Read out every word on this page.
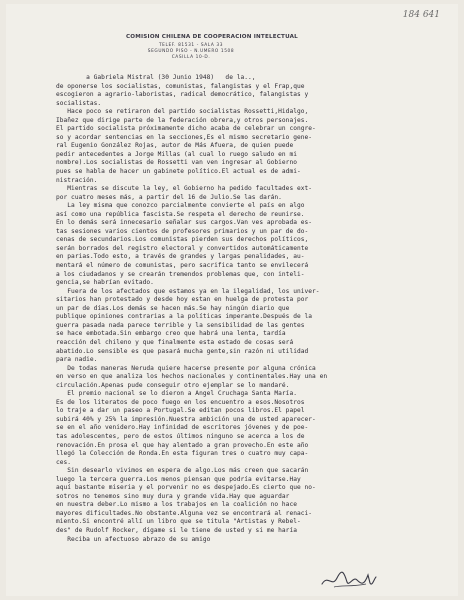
184 641
COMISION CHILENA DE COOPERACION INTELECTUAL
TELEF. 81531 - SALA 33
SEGUNDO PISO - N.UMERO 1508
CASILLA 10-D.
a Gabriela Mistral (30 Junio 1948)   de la..,
de oponerse los socialistas, comunistas, falangistas y el Frap,que
escogieron a agrario-laboristas, radical democrático, falangistas y
socialistas.
Hace poco se retiraron del partido socialistas Rossetti,Hidalgo,
Ibañez que dirige parte de la federación obrera,y otros personajes.
El partido socialista próximamente dicho acaba de celebrar un congre-
so y acordar sentencias en la secciones,Es el mismo secretario gene-
ral Eugenio González Rojas, autor de Más Afuera, de quien puede
pedir antecedentes a Jorge Millas (al cual lo ruego saludo en mi
nombre).Los socialistas de Rossetti van ven ingresar al Gobierno
pues se habla de hacer un gabinete político.El actual es de admi-
nistración.
Mientras se discute la ley, el Gobierno ha pedido facultades ext-
por cuatro meses más, a partir del 16 de Julio.Se las darán.
La ley misma que conozco parcialmente convierte el país en algo
así como una república fascista.Se respeta el derecho de reunirse.
En lo demás será innecesario señalar sus cargos.Van ves aprobada es-
tas sesiones varios cientos de profesores primarios y un par de do-
cenas de secundarios.Los comunistas pierden sus derechos políticos,
serán borrados del registro electoral y convertidos automáticamente
en parias.Todo esto, a través de grandes y largas penalidades, au-
mentará el número de comunistas, pero sacrifica tanto se envilecerá
a los ciudadanos y se crearán tremendos problemas que, con inteli-
gencia,se habrían evitado.
Fuera de los afectados que estamos ya en la ilegalidad, los univer-
sitarios han protestado y desde hoy estan en huelga de protesta por
un par de días.Los demás se hacen más.Se hay ningún diario que
publique opiniones contrarias a la políticas imperante.Después de la
guerra pasada nada parece terrible y la sensibilidad de las gentes
se hace embotada.Sin embargo creo que habrá una lenta, tardía
reacción del chileno y que finalmente esta estado de cosas será
abatido.Lo sensible es que pasará mucha gente,sin razón ni utilidad
para nadie.
De todas maneras Neruda quiere hacerse presente por alguna crónica
en verso en que analiza los hechos nacionales y continentales.Hay una en
circulación.Apenas pude conseguir otro ejemplar se lo mandaré.
El premio nacional se lo dieron a Angel Cruchaga Santa María.
Es de los literatos de poco fuego en los encuentro a esos.Nosotros
lo traje a dar un paseo a Portugal.Se editan pocos libros.El papel
subirá 40% y 25% la impresión.Nuestra ambición una de usted aparecer-
se en el año venidero.Hay infinidad de escritores jóvenes y de poe-
tas adolescentes, pero de estos últimos ninguno se acerca a los de
renovación.En prosa el que hay alentado a gran provecho.En este año
llegó la Colección de Ronda.En esta figuran tres o cuatro muy capa-
ces.
Sin desearlo vivimos en espera de algo.Los más creen que sacarán
luego la tercera guerra.Los menos piensan que podría evitarse.Hay
aquí bastante miseria y el porvenir no es despejado.Es cierto que no-
sotros no tenemos sino muy dura y grande vida.Hay que aguardar
en nuestra deber.Lo mismo a los trabajos en la coalición no hace
mayores dificultades.No obstante.Alguna vez se encontrará al renaci-
miento.Si encontré allí un libro que se titula "Artistas y Rebel-
des" de Rudolf Rocker, dígame si le tiene de usted y si me haría
Reciba un afectuoso abrazo de su amigo
